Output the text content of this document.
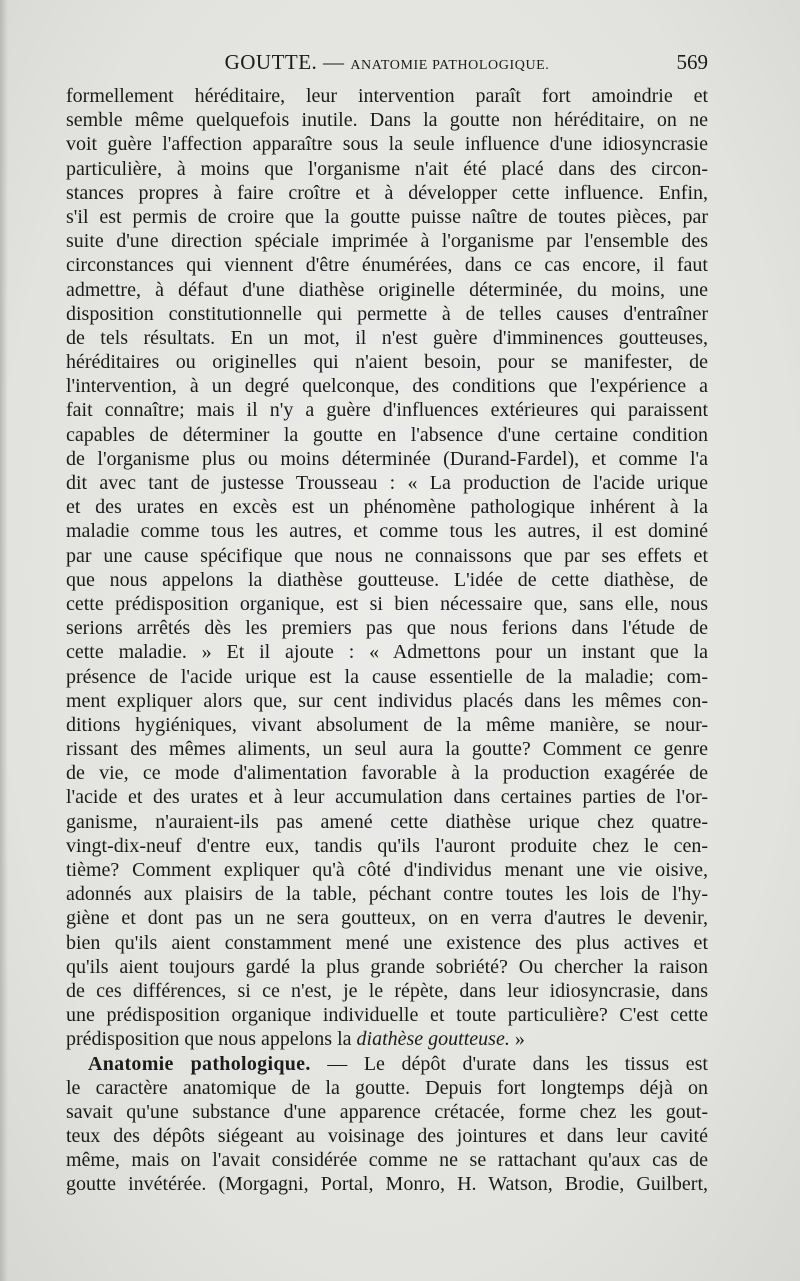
GOUTTE. — ANATOMIE PATHOLOGIQUE.	569
formellement héréditaire, leur intervention paraît fort amoindrie et
semble même quelquefois inutile. Dans la goutte non héréditaire, on ne
voit guère l'affection apparaître sous la seule influence d'une idiosyncrasie
particulière, à moins que l'organisme n'ait été placé dans des circon-
stances propres à faire croître et à développer cette influence. Enfin,
s'il est permis de croire que la goutte puisse naître de toutes pièces, par
suite d'une direction spéciale imprimée à l'organisme par l'ensemble des
circonstances qui viennent d'être énumérées, dans ce cas encore, il faut
admettre, à défaut d'une diathèse originelle déterminée, du moins, une
disposition constitutionnelle qui permette à de telles causes d'entraîner
de tels résultats. En un mot, il n'est guère d'imminences goutteuses,
héréditaires ou originelles qui n'aient besoin, pour se manifester, de
l'intervention, à un degré quelconque, des conditions que l'expérience a
fait connaître; mais il n'y a guère d'influences extérieures qui paraissent
capables de déterminer la goutte en l'absence d'une certaine condition
de l'organisme plus ou moins déterminée (Durand-Fardel), et comme l'a
dit avec tant de justesse Trousseau : « La production de l'acide urique
et des urates en excès est un phénomène pathologique inhérent à la
maladie comme tous les autres, et comme tous les autres, il est dominé
par une cause spécifique que nous ne connaissons que par ses effets et
que nous appelons la diathèse goutteuse. L'idée de cette diathèse, de
cette prédisposition organique, est si bien nécessaire que, sans elle, nous
serions arrêtés dès les premiers pas que nous ferions dans l'étude de
cette maladie. » Et il ajoute : « Admettons pour un instant que la
présence de l'acide urique est la cause essentielle de la maladie; com-
ment expliquer alors que, sur cent individus placés dans les mêmes con-
ditions hygiéniques, vivant absolument de la même manière, se nour-
rissant des mêmes aliments, un seul aura la goutte? Comment ce genre
de vie, ce mode d'alimentation favorable à la production exagérée de
l'acide et des urates et à leur accumulation dans certaines parties de l'or-
ganisme, n'auraient-ils pas amené cette diathèse urique chez quatre-
vingt-dix-neuf d'entre eux, tandis qu'ils l'auront produite chez le cen-
tième? Comment expliquer qu'à côté d'individus menant une vie oisive,
adonnés aux plaisirs de la table, péchant contre toutes les lois de l'hy-
giène et dont pas un ne sera goutteux, on en verra d'autres le devenir,
bien qu'ils aient constamment mené une existence des plus actives et
qu'ils aient toujours gardé la plus grande sobriété? Ou chercher la raison
de ces différences, si ce n'est, je le répète, dans leur idiosyncrasie, dans
une prédisposition organique individuelle et toute particulière? C'est cette
prédisposition que nous appelons la diathèse goutteuse. »
Anatomie pathologique. — Le dépôt d'urate dans les tissus est
le caractère anatomique de la goutte. Depuis fort longtemps déjà on
savait qu'une substance d'une apparence crétacée, forme chez les gout-
teux des dépôts siégeant au voisinage des jointures et dans leur cavité
même, mais on l'avait considérée comme ne se rattachant qu'aux cas de
goutte invétérée. (Morgagni, Portal, Monro, H. Watson, Brodie, Guilbert,
